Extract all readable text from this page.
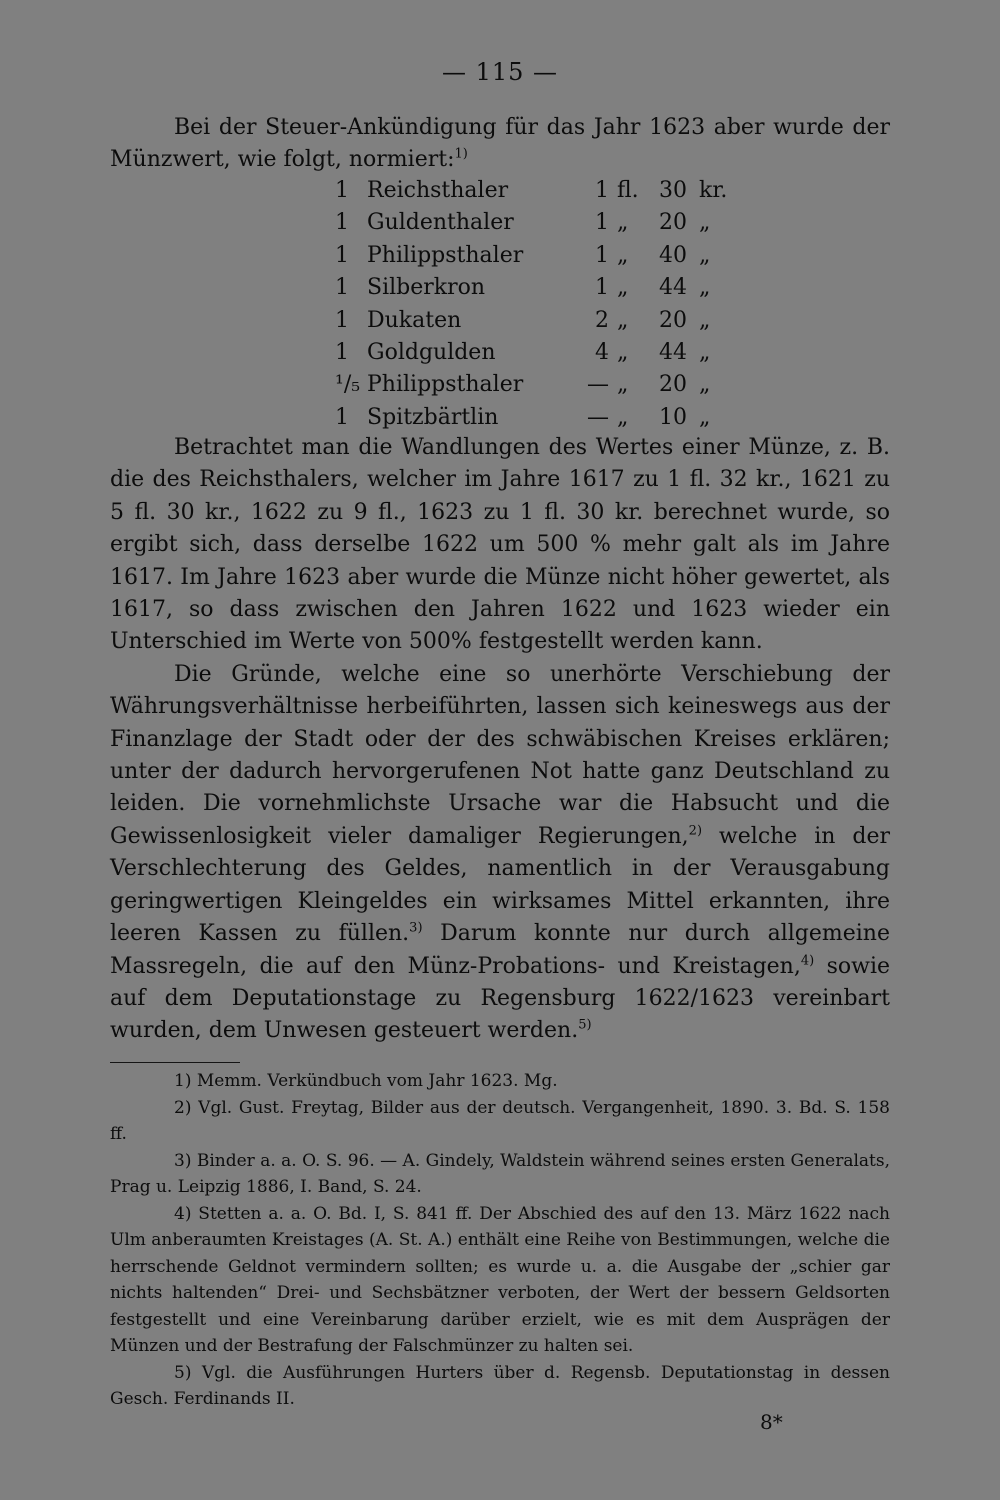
— 115 —

Bei der Steuer-Ankündigung für das Jahr 1623 aber wurde der Münzwert, wie folgt, normiert:$^{1)}$

1	Reichsthaler	1	fl.	30	kr.
1	Guldenthaler	1	„	20	„
1	Philippsthaler	1	„	40	„
1	Silberkron	1	„	44	„
1	Dukaten	2	„	20	„
1	Goldgulden	4	„	44	„
¹/₅	Philippsthaler	—	„	20	„
1	Spitzbärtlin	—	„	10	„

Betrachtet man die Wandlungen des Wertes einer Münze, z. B. die des Reichsthalers, welcher im Jahre 1617 zu 1 fl. 32 kr., 1621 zu 5 fl. 30 kr., 1622 zu 9 fl., 1623 zu 1 fl. 30 kr. berechnet wurde, so ergibt sich, dass derselbe 1622 um 500 % mehr galt als im Jahre 1617. Im Jahre 1623 aber wurde die Münze nicht höher gewertet, als 1617, so dass zwischen den Jahren 1622 und 1623 wieder ein Unterschied im Werte von 500% festgestellt werden kann.

Die Gründe, welche eine so unerhörte Verschiebung der Währungsverhältnisse herbeiführten, lassen sich keineswegs aus der Finanzlage der Stadt oder der des schwäbischen Kreises erklären; unter der dadurch hervorgerufenen Not hatte ganz Deutschland zu leiden. Die vornehmlichste Ursache war die Habsucht und die Gewissenlosigkeit vieler damaliger Regierungen,$^{2)}$ welche in der Verschlechterung des Geldes, namentlich in der Verausgabung geringwertigen Kleingeldes ein wirksames Mittel erkannten, ihre leeren Kassen zu füllen.$^{3)}$ Darum konnte nur durch allgemeine Massregeln, die auf den Münz-Probations- und Kreistagen,$^{4)}$ sowie auf dem Deputationstage zu Regensburg 1622/1623 vereinbart wurden, dem Unwesen gesteuert werden.$^{5)}$

1) Memm. Verkündbuch vom Jahr 1623. Mg.

2) Vgl. Gust. Freytag, Bilder aus der deutsch. Vergangenheit, 1890. 3. Bd. S. 158 ff.

3) Binder a. a. O. S. 96. — A. Gindely, Waldstein während seines ersten Generalats, Prag u. Leipzig 1886, I. Band, S. 24.

4) Stetten a. a. O. Bd. I, S. 841 ff. Der Abschied des auf den 13. März 1622 nach Ulm anberaumten Kreistages (A. St. A.) enthält eine Reihe von Bestimmungen, welche die herrschende Geldnot vermindern sollten; es wurde u. a. die Ausgabe der „schier gar nichts haltenden“ Drei- und Sechsbätzner verboten, der Wert der bessern Geldsorten festgestellt und eine Vereinbarung darüber erzielt, wie es mit dem Ausprägen der Münzen und der Bestrafung der Falschmünzer zu halten sei.

5) Vgl. die Ausführungen Hurters über d. Regensb. Deputationstag in dessen Gesch. Ferdinands II.

8*
